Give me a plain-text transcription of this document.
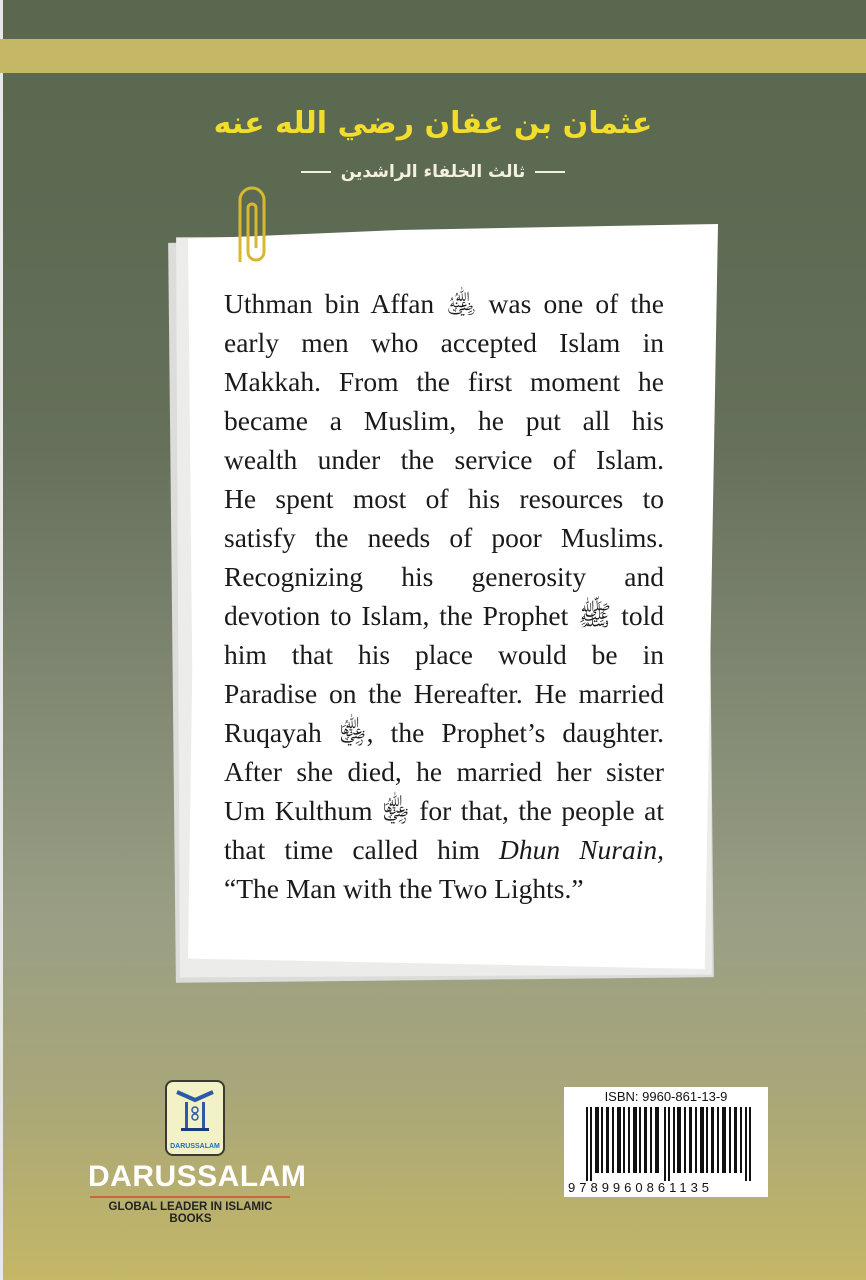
عثمان بن عفان رضي الله عنه
ثالث الخلفاء الراشدين

Uthman bin Affan ﵁ was one of the

early men who accepted Islam in

Makkah. From the first moment he

became a Muslim, he put all his

wealth under the service of Islam.

He spent most of his resources to

satisfy the needs of poor Muslims.

Recognizing his generosity and

devotion to Islam, the Prophet ﷺ told

him that his place would be in

Paradise on the Hereafter. He married

Ruqayah ﵂, the Prophet’s daughter.

After she died, he married her sister

Um Kulthum ﵂ for that, the people at

that time called him Dhun Nurain,

“The Man with the Two Lights.”

DARUSSALAM
DARUSSALAM
GLOBAL LEADER IN ISLAMIC BOOKS
ISBN: 9960-861-13-9
9789960861135
